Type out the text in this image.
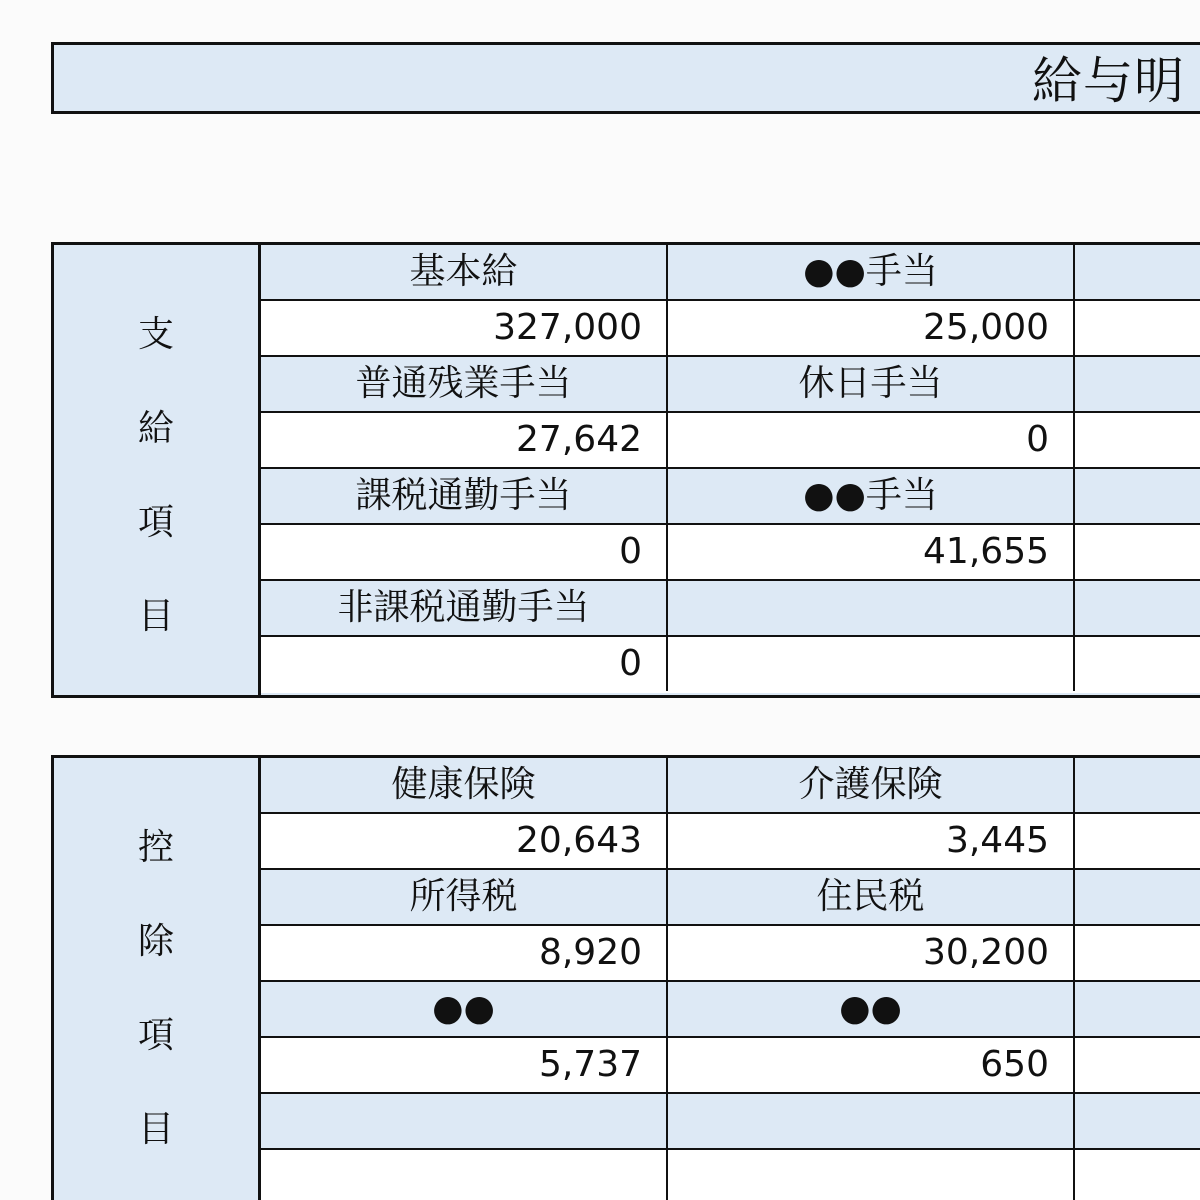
給与明
支
給
項
目
基本給	●●手当
327,000	25,000
普通残業手当	休日手当
27,642	0
課税通勤手当	●●手当
0	41,655
非課税通勤手当
0
控
除
項
目
健康保険	介護保険
20,643	3,445
所得税	住民税
8,920	30,200
●●	●●
5,737	650
